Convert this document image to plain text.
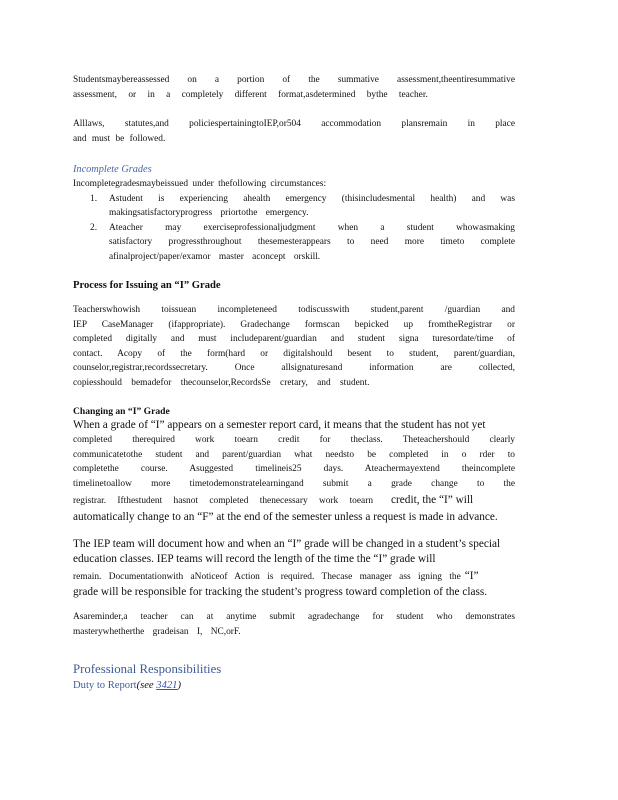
Studentsmaybereassessed on a portion of the summative assessment,theentiresummative
assessment, or in a completely different format,asdetermined bythe teacher.
Alllaws, statutes,and policiespertainingtoIEP,or504 accommodation plansremain in place
and must be followed.
Incomplete Grades
Incompletegradesmaybeissued under thefollowing circumstances:
1. Astudent is experiencing ahealth emergency (thisincludesmental health) and was
makingsatisfactoryprogress priortothe emergency.
2. Ateacher may exerciseprofessionaljudgment when a student whowasmaking
satisfactory progressthroughout thesemesterappears to need more timeto complete
afinalproject/paper/examor master aconcept orskill.
Process for Issuing an “I” Grade
Teacherswhowish toissuean incompleteneed todiscusswith student,parent /guardian and
IEP CaseManager (ifappropriate). Gradechange formscan bepicked up fromtheRegistrar or
completed digitally and must includeparent/guardian and student signa turesordate/time of
contact. Acopy of the form(hard or digitalshould besent to student, parent/guardian,
counselor,registrar,recordssecretary. Once allsignaturesand information are collected,
copiesshould bemadefor thecounselor,RecordsSe cretary, and student.
Changing an “I” Grade
When a grade of “I” appears on a semester report card, it means that the student has not yet
completed therequired work toearn credit for theclass. Theteachershould clearly
communicatetothe student and parent/guardian what needsto be completed in o rder to
completethe course. Asuggested timelineis25 days. Ateachermayextend theincomplete
timelinetoallow more timetodemonstratelearningand submit a grade change to the
registrar. Ifthestudent hasnot completed thenecessary work toearn credit, the “I” will
automatically change to an “F” at the end of the semester unless a request is made in advance.
The IEP team will document how and when an “I” grade will be changed in a student’s special
education classes. IEP teams will record the length of the time the “I” grade will
remain. Documentationwith aNoticeof Action is required. Thecase manager ass igning the “I”
grade will be responsible for tracking the student’s progress toward completion of the class.
Asareminder,a teacher can at anytime submit agradechange for student who demonstrates
masterywhetherthe gradeisan I, NC,orF.
Professional Responsibilities
Duty to Report(see 3421)
